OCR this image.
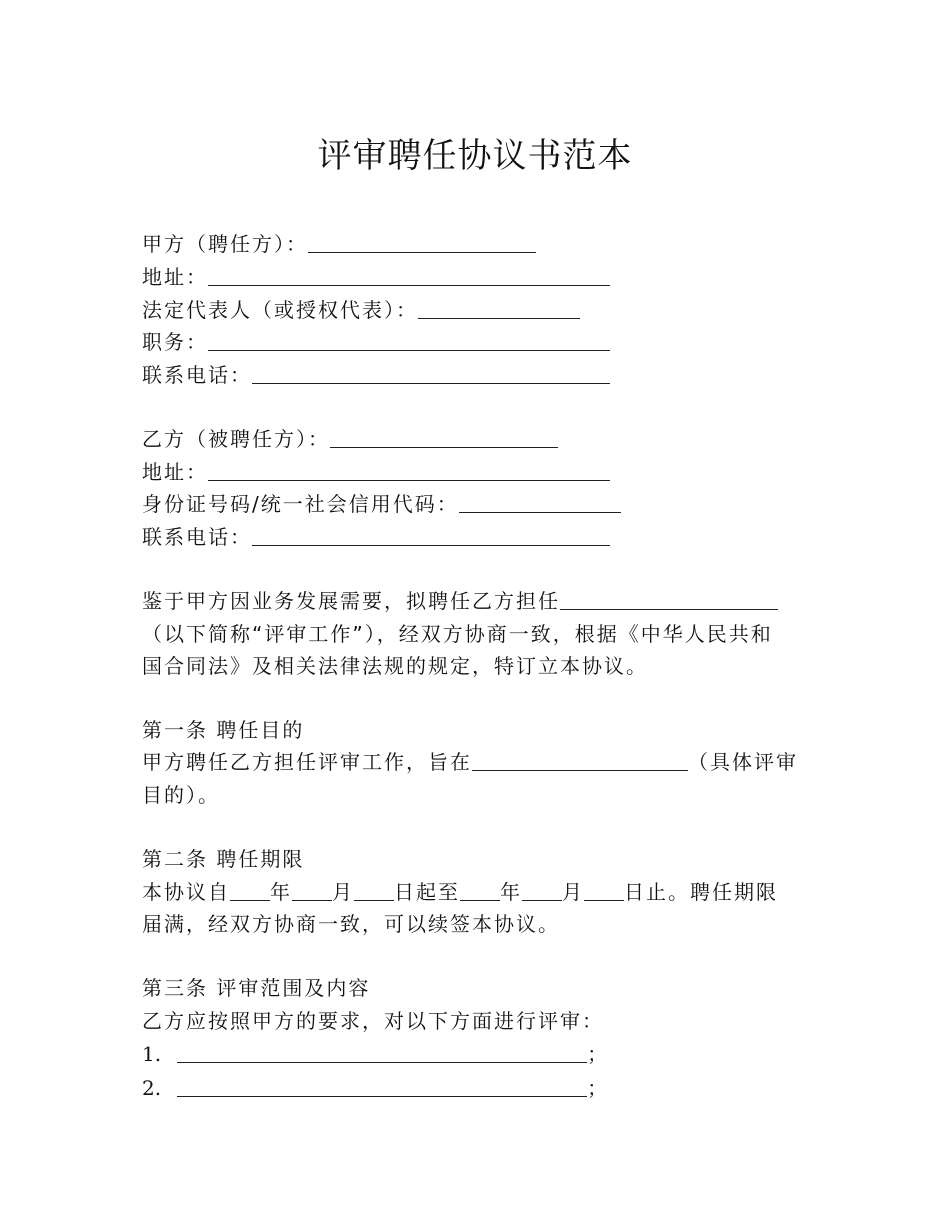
评审聘任协议书范本
甲方（聘任方）：
地址：
法定代表人（或授权代表）：
职务：
联系电话：
乙方（被聘任方）：
地址：
身份证号码/统一社会信用代码：
联系电话：
鉴于甲方因业务发展需要，拟聘任乙方担任
（以下简称“评审工作”），经双方协商一致，根据《中华人民共和
国合同法》及相关法律法规的规定，特订立本协议。
第一条 聘任目的
甲方聘任乙方担任评审工作，旨在	（具体评审
目的）。
第二条 聘任期限
本协议自 年 月 日起至 年 月 日止。聘任期限
届满，经双方协商一致，可以续签本协议。
第三条 评审范围及内容
乙方应按照甲方的要求，对以下方面进行评审：
1.	；
2.	；
